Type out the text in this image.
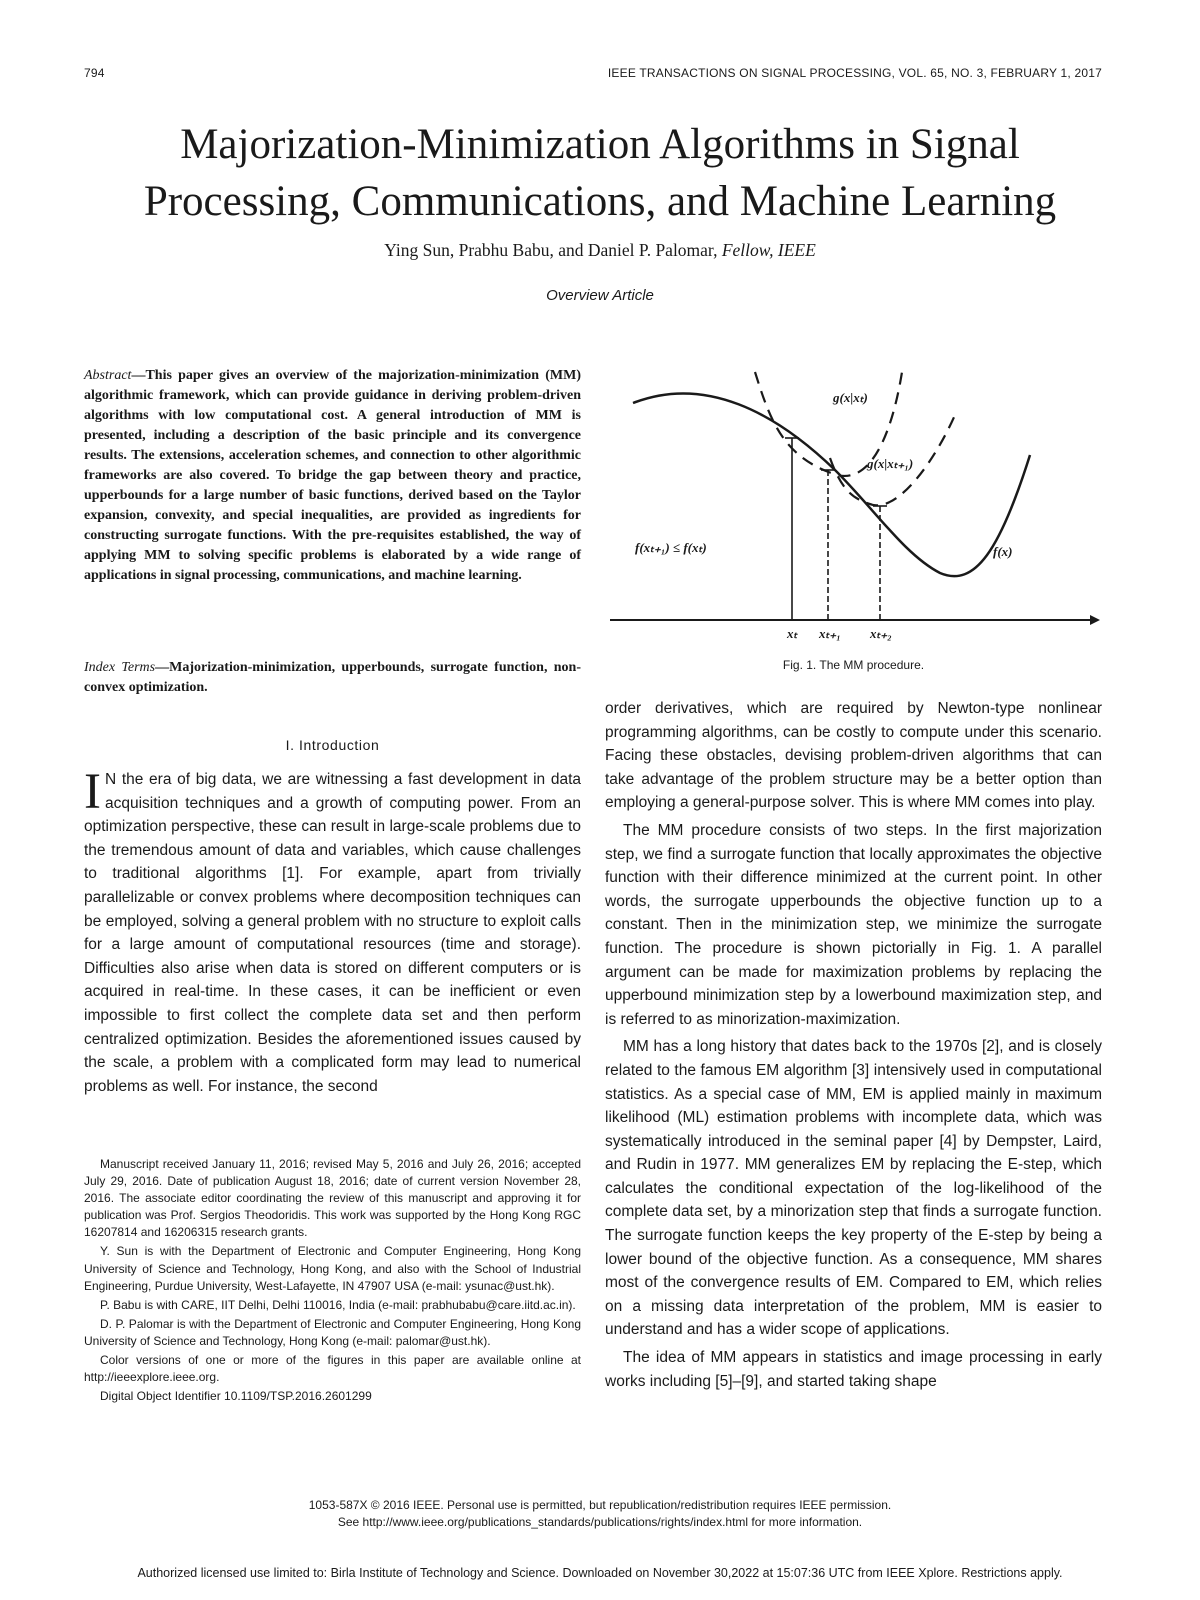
794	IEEE TRANSACTIONS ON SIGNAL PROCESSING, VOL. 65, NO. 3, FEBRUARY 1, 2017
Majorization-Minimization Algorithms in Signal
Processing, Communications, and Machine Learning
Ying Sun, Prabhu Babu, and Daniel P. Palomar, Fellow, IEEE
Overview Article
Abstract—This paper gives an overview of the majorization-minimization (MM) algorithmic framework, which can provide guidance in deriving problem-driven algorithms with low computational cost. A general introduction of MM is presented, including a description of the basic principle and its convergence results. The extensions, acceleration schemes, and connection to other algorithmic frameworks are also covered. To bridge the gap between theory and practice, upperbounds for a large number of basic functions, derived based on the Taylor expansion, convexity, and special inequalities, are provided as ingredients for constructing surrogate functions. With the pre-requisites established, the way of applying MM to solving specific problems is elaborated by a wide range of applications in signal processing, communications, and machine learning.
Index Terms—Majorization-minimization, upperbounds, surrogate function, non-convex optimization.
I. Introduction

I N the era of big data, we are witnessing a fast development in data acquisition techniques and a growth of computing power. From an optimization perspective, these can result in large-scale problems due to the tremendous amount of data and variables, which cause challenges to traditional algorithms [1]. For example, apart from trivially parallelizable or convex problems where decomposition techniques can be employed, solving a general problem with no structure to exploit calls for a large amount of computational resources (time and storage). Difficulties also arise when data is stored on different computers or is acquired in real-time. In these cases, it can be inefficient or even impossible to first collect the complete data set and then perform centralized optimization. Besides the aforementioned issues caused by the scale, a problem with a complicated form may lead to numerical problems as well. For instance, the second

g(x|xₜ)
g(x|xₜ₊₁)
f(xₜ₊₁) ≤ f(xₜ)	f(x)
xₜ xₜ₊₁ xₜ₊₂
Fig. 1. The MM procedure.

order derivatives, which are required by Newton-type nonlinear programming algorithms, can be costly to compute under this scenario. Facing these obstacles, devising problem-driven algorithms that can take advantage of the problem structure may be a better option than employing a general-purpose solver. This is where MM comes into play.

The MM procedure consists of two steps. In the first majorization step, we find a surrogate function that locally approximates the objective function with their difference minimized at the current point. In other words, the surrogate upperbounds the objective function up to a constant. Then in the minimization step, we minimize the surrogate function. The procedure is shown pictorially in Fig. 1. A parallel argument can be made for maximization problems by replacing the upperbound minimization step by a lowerbound maximization step, and is referred to as minorization-maximization.

MM has a long history that dates back to the 1970s [2], and is closely related to the famous EM algorithm [3] intensively used in computational statistics. As a special case of MM, EM is applied mainly in maximum likelihood (ML) estimation problems with incomplete data, which was systematically introduced in the seminal paper [4] by Dempster, Laird, and Rudin in 1977. MM generalizes EM by replacing the E-step, which calculates the conditional expectation of the log-likelihood of the complete data set, by a minorization step that finds a surrogate function. The surrogate function keeps the key property of the E-step by being a lower bound of the objective function. As a consequence, MM shares most of the convergence results of EM. Compared to EM, which relies on a missing data interpretation of the problem, MM is easier to understand and has a wider scope of applications.

The idea of MM appears in statistics and image processing in early works including [5]–[9], and started taking shape

Manuscript received January 11, 2016; revised May 5, 2016 and July 26, 2016; accepted July 29, 2016. Date of publication August 18, 2016; date of current version November 28, 2016. The associate editor coordinating the review of this manuscript and approving it for publication was Prof. Sergios Theodoridis. This work was supported by the Hong Kong RGC 16207814 and 16206315 research grants.

Y. Sun is with the Department of Electronic and Computer Engineering, Hong Kong University of Science and Technology, Hong Kong, and also with the School of Industrial Engineering, Purdue University, West-Lafayette, IN 47907 USA (e-mail: ysunac@ust.hk).

P. Babu is with CARE, IIT Delhi, Delhi 110016, India (e-mail: prabhubabu@care.iitd.ac.in).

D. P. Palomar is with the Department of Electronic and Computer Engineering, Hong Kong University of Science and Technology, Hong Kong (e-mail: palomar@ust.hk).

Color versions of one or more of the figures in this paper are available online at http://ieeexplore.ieee.org.

Digital Object Identifier 10.1109/TSP.2016.2601299

1053-587X © 2016 IEEE. Personal use is permitted, but republication/redistribution requires IEEE permission.
See http://www.ieee.org/publications_standards/publications/rights/index.html for more information.
Authorized licensed use limited to: Birla Institute of Technology and Science. Downloaded on November 30,2022 at 15:07:36 UTC from IEEE Xplore. Restrictions apply.
